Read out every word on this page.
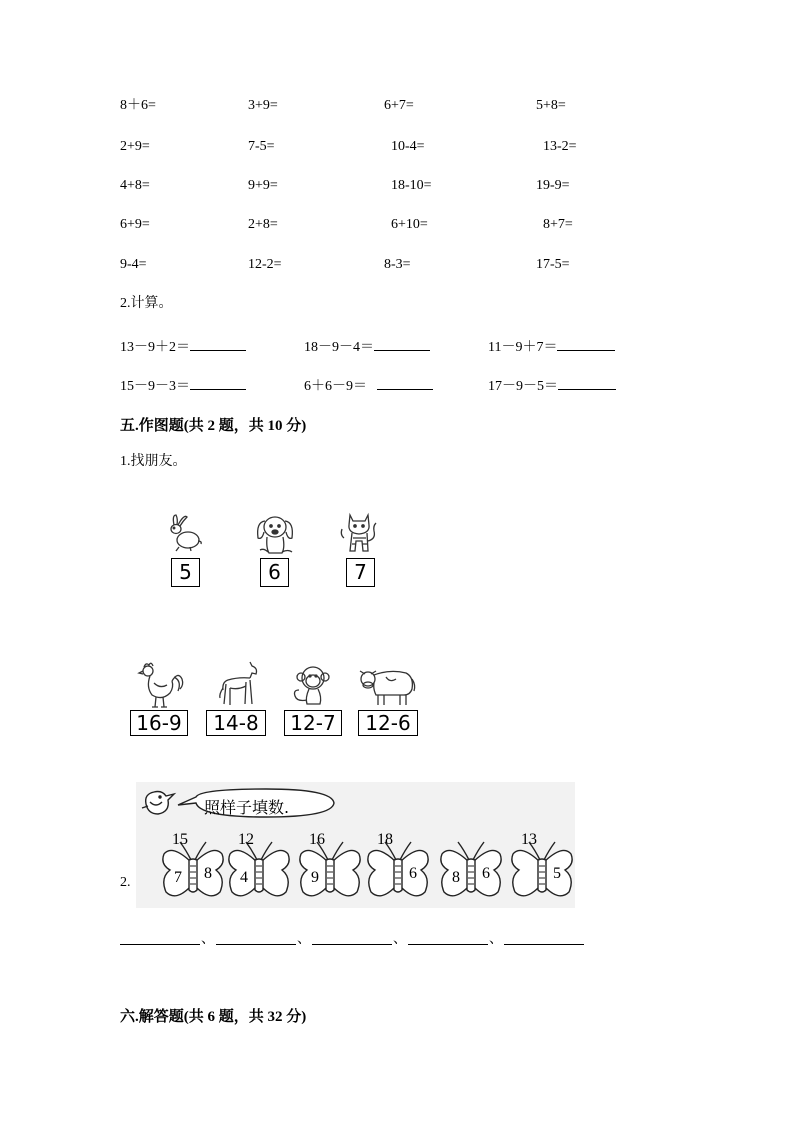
8＋6=	3+9=	6+7=	5+8=
2+9=	7-5=	10-4=	13-2=
4+8=	9+9=	18-10=	19-9=
6+9=	2+8=	6+10=	8+7=
9-4=	12-2=	8-3=	17-5=
2.计算。
13－9＋2＝	18－9－4＝	11－9＋7＝
15－9－3＝	6＋6－9＝	17－9－5＝
五.作图题(共 2 题，共 10 分)
1.找朋友。
5	6	7
16-9	14-8	12-7	12-6
照样子填数.
2.
15
7 8
12
4
16
9
18
6 8 6
13
5
、	、	、	、
六.解答题(共 6 题，共 32 分)
